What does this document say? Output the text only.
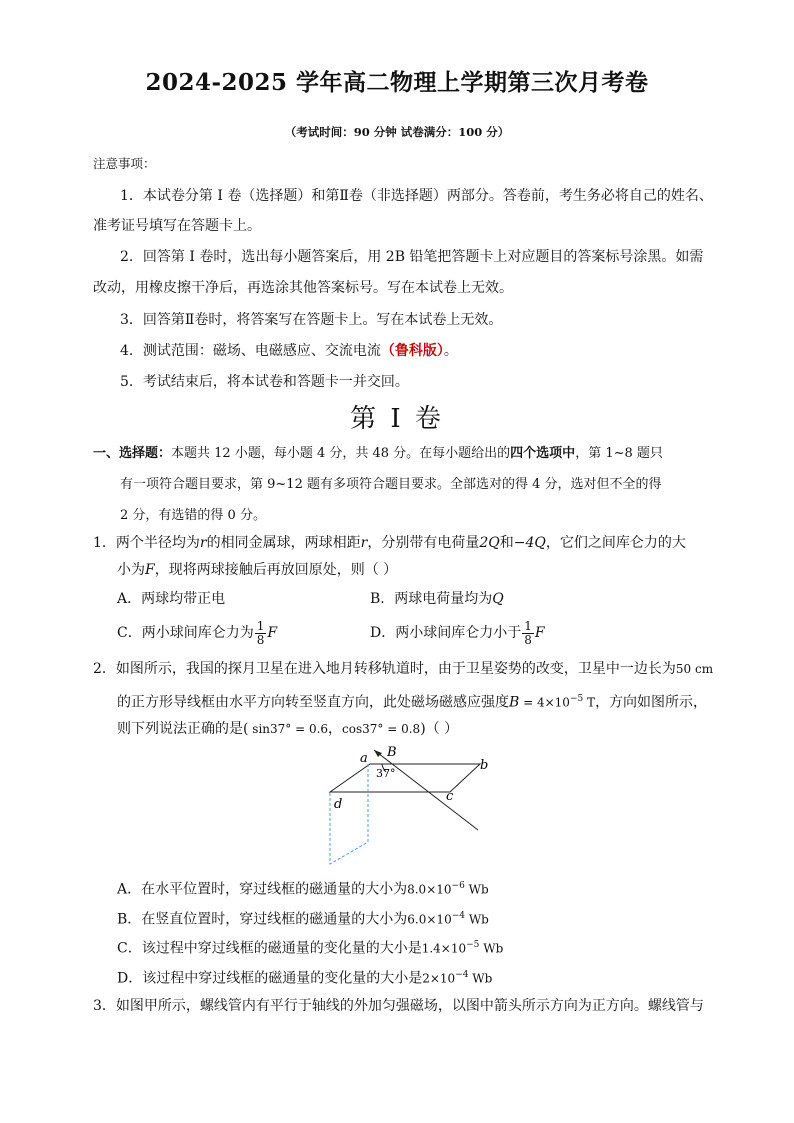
2024-2025 学年高二物理上学期第三次月考卷
（考试时间：90 分钟 试卷满分：100 分）
注意事项：
1．本试卷分第 I 卷（选择题）和第Ⅱ卷（非选择题）两部分。答卷前，考生务必将自己的姓名、
准考证号填写在答题卡上。
2．回答第 I 卷时，选出每小题答案后，用 2B 铅笔把答题卡上对应题目的答案标号涂黑。如需
改动，用橡皮擦干净后，再选涂其他答案标号。写在本试卷上无效。
3．回答第Ⅱ卷时，将答案写在答题卡上。写在本试卷上无效。
4．测试范围：磁场、电磁感应、交流电流（鲁科版）。
5．考试结束后，将本试卷和答题卡一并交回。
第 I 卷
一、选择题：本题共 12 小题，每小题 4 分，共 48 分。在每小题给出的四个选项中，第 1~8 题只
有一项符合题目要求，第 9~12 题有多项符合题目要求。全部选对的得 4 分，选对但不全的得
2 分，有选错的得 0 分。
1．两个半径均为r的相同金属球，两球相距r，分别带有电荷量2Q和−4Q，它们之间库仑力的大
小为F，现将两球接触后再放回原处，则（ ）
A．两球均带正电	B．两球电荷量均为Q
C．两小球间库仑力为 $\frac{1}{8}$ F	D．两小球间库仑力小于 $\frac{1}{8}$ F
2．如图所示，我国的探月卫星在进入地月转移轨道时，由于卫星姿势的改变，卫星中一边长为50 cm
的正方形导线框由水平方向转至竖直方向，此处磁场磁感应强度$B = 4\times 10^{-5}$ T，方向如图所示，
则下列说法正确的是( sin37° = 0.6，cos37° = 0.8)（ ）
a	b
c
d
B
37°
A．在水平位置时，穿过线框的磁通量的大小为$8.0\times 10^{-6}$ Wb
B．在竖直位置时，穿过线框的磁通量的大小为$6.0\times 10^{-4}$ Wb
C．该过程中穿过线框的磁通量的变化量的大小是$1.4\times 10^{-5}$ Wb
D．该过程中穿过线框的磁通量的变化量的大小是$2\times 10^{-4}$ Wb
3．如图甲所示，螺线管内有平行于轴线的外加匀强磁场，以图中箭头所示方向为正方向。螺线管与
